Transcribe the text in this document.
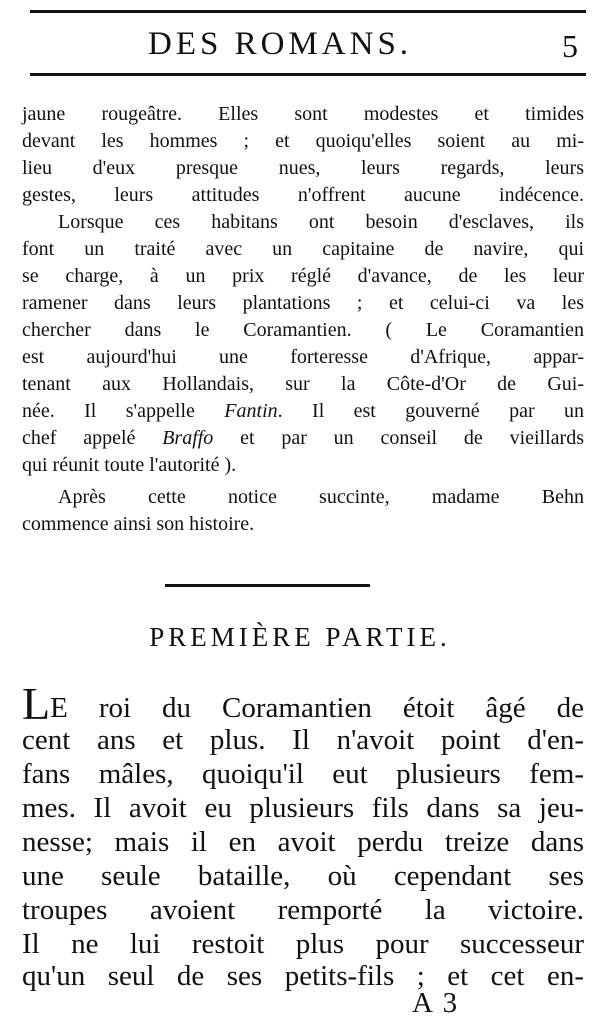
DES ROMANS.	5
jaune rougeâtre. Elles sont modestes et timides
devant les hommes ; et quoiqu'elles soient au mi-
lieu d'eux presque nues, leurs regards, leurs
gestes, leurs attitudes n'offrent aucune indécence.
Lorsque ces habitans ont besoin d'esclaves, ils
font un traité avec un capitaine de navire, qui
se charge, à un prix réglé d'avance, de les leur
ramener dans leurs plantations ; et celui-ci va les
chercher dans le Coramantien. ( Le Coramantien
est aujourd'hui une forteresse d'Afrique, appar-
tenant aux Hollandais, sur la Côte-d'Or de Gui-
née. Il s'appelle Fantin. Il est gouverné par un
chef appelé Braffo et par un conseil de vieillards
qui réunit toute l'autorité ).
Après cette notice succinte, madame Behn
commence ainsi son histoire.
PREMIÈRE PARTIE.
LE roi du Coramantien étoit âgé de
cent ans et plus. Il n'avoit point d'en-
fans mâles, quoiqu'il eut plusieurs fem-
mes. Il avoit eu plusieurs fils dans sa jeu-
nesse; mais il en avoit perdu treize dans
une seule bataille, où cependant ses
troupes avoient remporté la victoire.
Il ne lui restoit plus pour successeur
qu'un seul de ses petits-fils ; et cet en-
A 3
